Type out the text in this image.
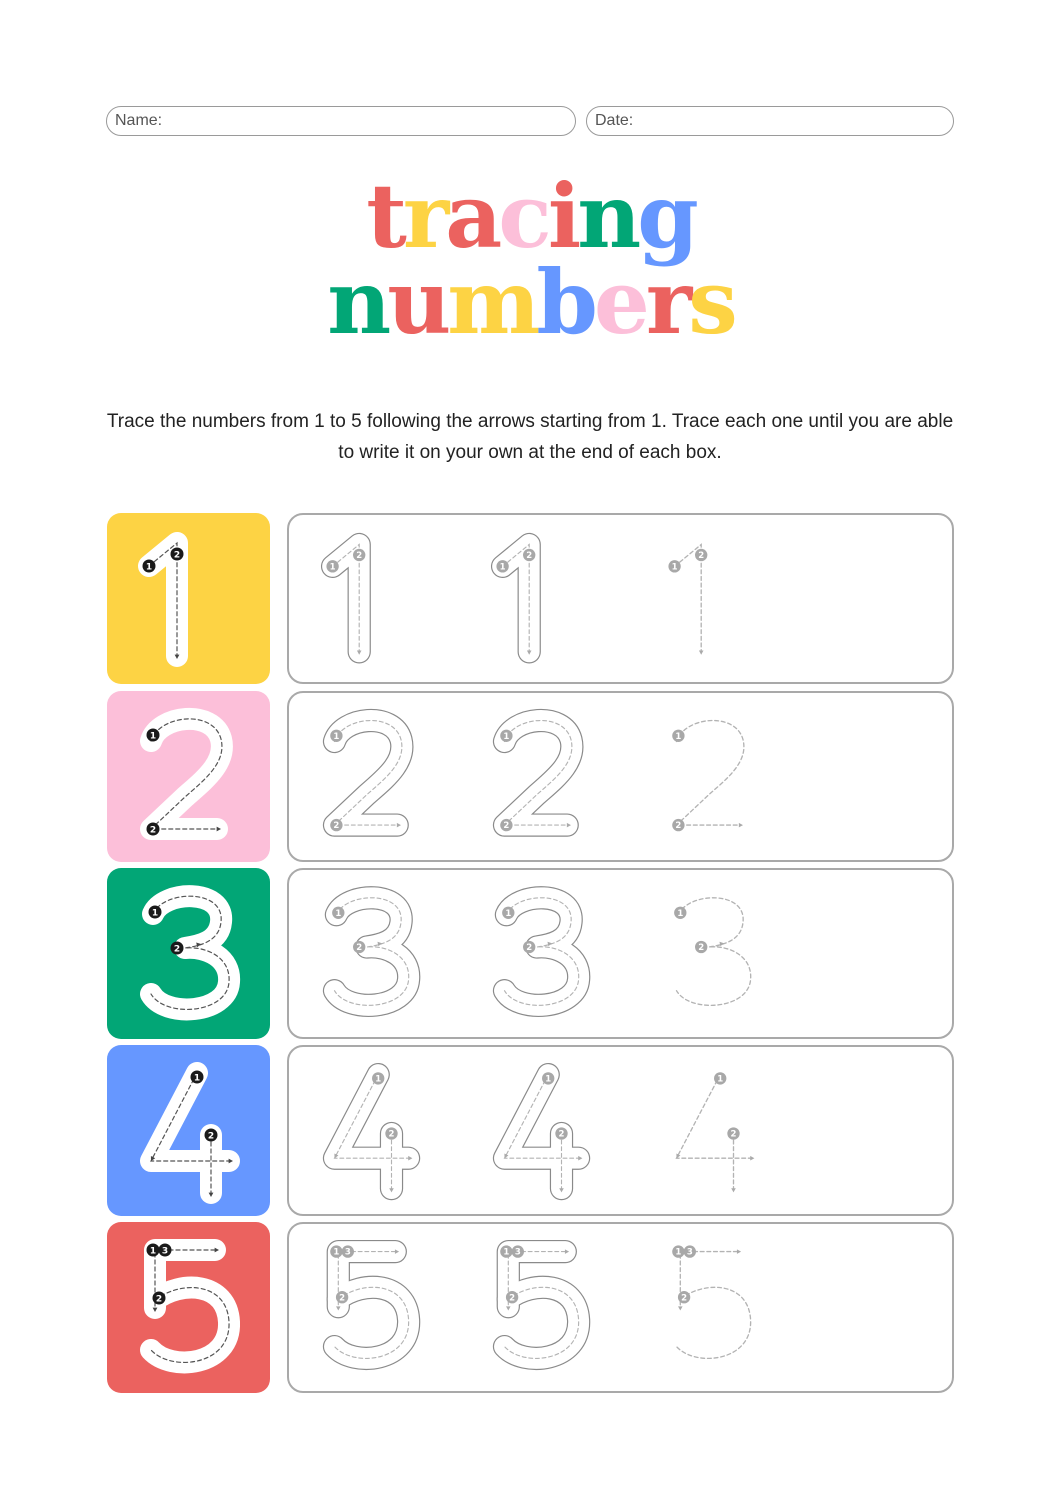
Name:	Date:
tracing
numbers
Trace the numbers from 1 to 5 following the arrows starting from 1. Trace each one until you are able to write it on your own at the end of each box.
1
2
1
2
1
2
1
2
1
2
1
2
1
2
1
2
1
2
1
2
1
2
1
2
1
2
1
2
1
2
1
2
1 3
2
1 3
2
1 3
2
1 3
2
